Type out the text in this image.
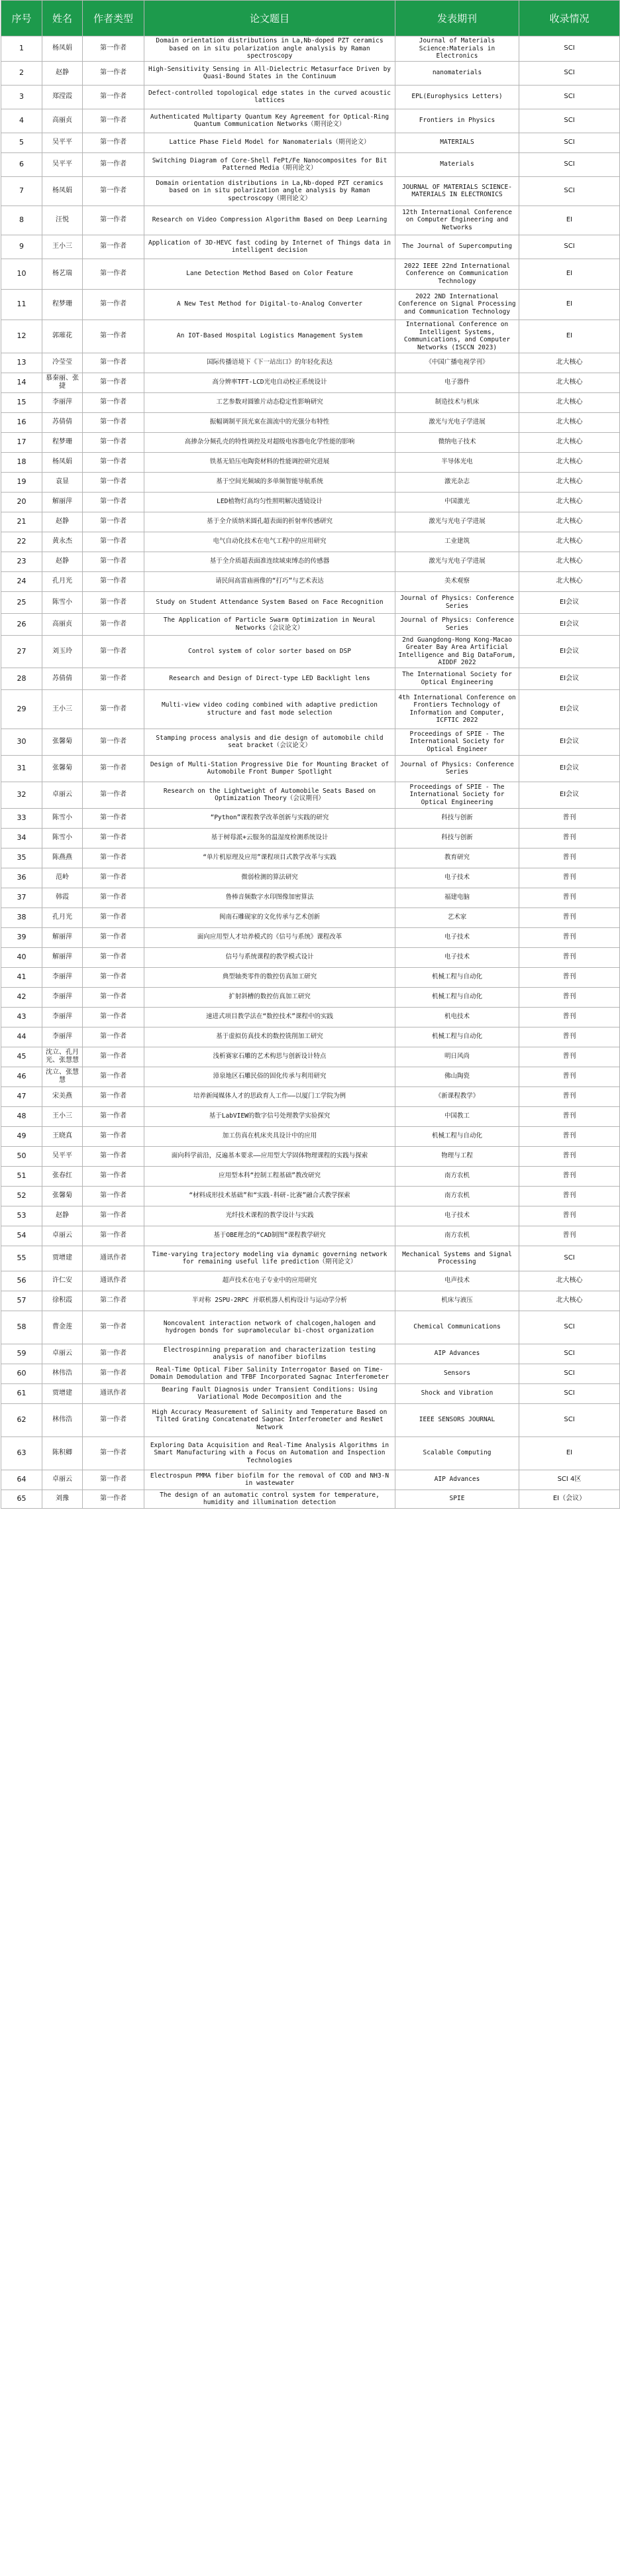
序号	姓名	作者类型	论文题目	发表期刊	收录情况
1	杨凤娟	第一作者	Domain orientation distributions in La,Nb-doped PZT ceramics based on in situ polarization angle analysis by Raman spectroscopy	Journal of Materials Science:Materials in Electronics	SCI
2	赵静	第一作者	High-Sensitivity Sensing in All-Dielectric Metasurface Driven by Quasi-Bound States in the Continuum	nanomaterials	SCI
3	郑滢霞	第一作者	Defect-controlled topological edge states in the curved acoustic lattices	EPL(Europhysics Letters)	SCI
4	高丽贞	第一作者	Authenticated Multiparty Quantum Key Agreement for Optical-Ring Quantum Communication Networks（期刊论文）	Frontiers in Physics	SCI
5	吴平平	第一作者	Lattice Phase Field Model for Nanomaterials（期刊论文）	MATERIALS	SCI
6	吴平平	第一作者	Switching Diagram of Core-Shell FePt/Fe Nanocomposites for Bit Patterned Media（期刊论文）	Materials	SCI
7	杨凤娟	第一作者	Domain orientation distributions in La,Nb-doped PZT ceramics based on in situ polarization angle analysis by Raman spectroscopy（期刊论文）	JOURNAL OF MATERIALS SCIENCE-MATERIALS IN ELECTRONICS	SCI
8	汪悦	第一作者	Research on Video Compression Algorithm Based on Deep Learning	12th International Conference on Computer Engineering and Networks	EI
9	王小三	第一作者	Application of 3D-HEVC fast coding by Internet of Things data in intelligent decision	The Journal of Supercomputing	SCI
10	杨艺瑞	第一作者	Lane Detection Method Based on Color Feature	2022 IEEE 22nd International Conference on Communication Technology	EI
11	程梦珊	第一作者	A New Test Method for Digital-to-Analog Converter	2022 2ND International Conference on Signal Processing and Communication Technology	EI
12	郭璀花	第一作者	An IOT-Based Hospital Logistics Management System	International Conference on Intelligent Systems, Communications, and Computer Networks (ISCCN 2023)	EI
13	冷莹莹	第一作者	国际传播语境下《下一站出口》的年轻化表达	《中国广播电视学刊》	北大核心
14	慕秦丽、张捷	第一作者	高分辨率TFT-LCD光电自动校正系统设计	电子器件	北大核心
15	李丽萍	第一作者	工艺参数对圆锥片动态稳定性影响研究	制造技术与机床	北大核心
16	苏倩倩	第一作者	振幅调制平顶光束在湍流中的光强分布特性	激光与光电子学进展	北大核心
17	程梦珊	第一作者	高掺杂分频孔壳的特性调控及对超级电容器电化学性能的影响	微纳电子技术	北大核心
18	杨凤娟	第一作者	铁基无铅压电陶瓷材料的性能调控研究进展	半导体光电	北大核心
19	袁显	第一作者	基于空间光频域的多单频智能导航系统	激光杂志	北大核心
20	解丽萍	第一作者	LED植物灯高均匀性照明解决透镜设计	中国激光	北大核心
21	赵静	第一作者	基于全介质纳米圆孔超表面的折射率传感研究	激光与光电子学进展	北大核心
22	黄永杰	第一作者	电气自动化技术在电气工程中的应用研究	工业建筑	北大核心
23	赵静	第一作者	基于全介质超表面准连续域束缚态的传感器	激光与光电子学进展	北大核心
24	孔月光	第一作者	请民间高雷庙画像的“打巧”与艺术表达	美术观察	北大核心
25	陈雪小	第一作者	Study on Student Attendance System Based on Face Recognition	Journal of Physics: Conference Series	EI会议
26	高丽贞	第一作者	The Application of Particle Swarm Optimization in Neural Networks（会议论文）	Journal of Physics: Conference Series	EI会议
27	刘玉玲	第一作者	Control system of color sorter based on DSP	2nd Guangdong-Hong Kong-Macao Greater Bay Area Artificial Intelligence and Big DataForum, AIDDF 2022	EI会议
28	苏倩倩	第一作者	Research and Design of Direct-type LED Backlight lens	The International Society for Optical Engineering	EI会议
29	王小三	第一作者	Multi-view video coding combined with adaptive prediction structure and fast mode selection	4th International Conference on Frontiers Technology of Information and Computer, ICFTIC 2022	EI会议
30	张馨菊	第一作者	Stamping process analysis and die design of automobile child seat bracket（会议论文）	Proceedings of SPIE - The International Society for Optical Engineer	EI会议
31	张馨菊	第一作者	Design of Multi-Station Progressive Die for Mounting Bracket of Automobile Front Bumper Spotlight	Journal of Physics: Conference Series	EI会议
32	卓丽云	第一作者	Research on the Lightweight of Automobile Seats Based on Optimization Theory（会议期刊）	Proceedings of SPIE - The International Society for Optical Engineering	EI会议
33	陈雪小	第一作者	“Python”课程教学改革创新与实践的研究	科技与创新	普刊
34	陈雪小	第一作者	基于树莓派+云服务的温湿度检测系统设计	科技与创新	普刊
35	陈燕燕	第一作者	“单片机原理及应用”课程项目式教学改革与实践	教育研究	普刊
36	范岭	第一作者	微弱检测的算法研究	电子技术	普刊
37	韩霞	第一作者	鲁棒音频数字水印图像加密算法	福建电脑	普刊
38	孔月光	第一作者	闽南石雕砚家的文化传承与艺术创新	艺术家	普刊
39	解丽萍	第一作者	面向应用型人才培养模式的《信号与系统》课程改革	电子技术	普刊
40	解丽萍	第一作者	信号与系统课程的教学模式设计	电子技术	普刊
41	李丽萍	第一作者	典型轴类零件的数控仿真加工研究	机械工程与自动化	普刊
42	李丽萍	第一作者	扩射斜槽的数控仿真加工研究	机械工程与自动化	普刊
43	李丽萍	第一作者	速进式项目教学法在“数控技术”课程中的实践	机电技术	普刊
44	李丽萍	第一作者	基于虚拟仿真技术的数控铣削加工研究	机械工程与自动化	普刊
45	沈立、孔月光、张慧慧	第一作者	浅析赛家石雕的艺术构思与创新设计特点	明日风尚	普刊
46	沈立、张慧慧	第一作者	漳泉地区石雕民俗的固化传承与利用研究	佛山陶瓷	普刊
47	宋美燕	第一作者	培养新闻媒体人才的思政育人工作——以厦门工学院为例	《新课程教学》	普刊
48	王小三	第一作者	基于LabVIEW的数字信号处理教学实验探究	中国教工	普刊
49	王晓真	第一作者	加工仿真在机床夹具设计中的应用	机械工程与自动化	普刊
50	吴平平	第一作者	面向科学前沿，反遍基本要求——应用型大学固体物理课程的实践与探索	物理与工程	普刊
51	张春红	第一作者	应用型本科“控制工程基础”教改研究	南方农机	普刊
52	张馨菊	第一作者	“材料成形技术基础”和“实践-科研-比赛”融合式教学探索	南方农机	普刊
53	赵静	第一作者	光纤技术课程的教学设计与实践	电子技术	普刊
54	卓丽云	第一作者	基于OBE理念的“CAD制图”课程教学研究	南方农机	普刊
55	贾增建	通讯作者	Time-varying trajectory modeling via dynamic governing network for remaining useful life prediction（期刊论文）	Mechanical Systems and Signal Processing	SCI
56	许仁安	通讯作者	超声技术在电子专业中的应用研究	电声技术	北大核心
57	徐积霞	第二作者	半对称 2SPU-2RPC 并联机器人机构设计与运动学分析	机床与液压	北大核心
58	曹金莲	第一作者	Noncovalent interaction network of chalcogen,halogen and hydrogen bonds for supramolecular bi-chost organization	Chemical Communications	SCI
59	卓丽云	第一作者	Electrospinning preparation and characterization testing analysis of nanofiber biofilms	AIP Advances	SCI
60	林伟浩	第一作者	Real-Time Optical Fiber Salinity Interrogator Based on Time-Domain Demodulation and TFBF Incorporated Sagnac Interferometer	Sensors	SCI
61	贾增建	通讯作者	Bearing Fault Diagnosis under Transient Conditions: Using Variational Mode Decomposition and the	Shock and Vibration	SCI
62	林伟浩	第一作者	High Accuracy Measurement of Salinity and Temperature Based on Tilted Grating Concatenated Sagnac Interferometer and ResNet Network	IEEE SENSORS JOURNAL	SCI
63	陈积卿	第一作者	Exploring Data Acquisition and Real-Time Analysis Algorithms in Smart Manufacturing with a Focus on Automation and Inspection Technologies	Scalable Computing	EI
64	卓丽云	第一作者	Electrospun PMMA fiber biofilm for the removal of COD and NH3-N in wastewater	AIP Advances	SCI 4区
65	刘豫	第一作者	The design of an automatic control system for temperature, humidity and illumination detection	SPIE	EI（会议）
